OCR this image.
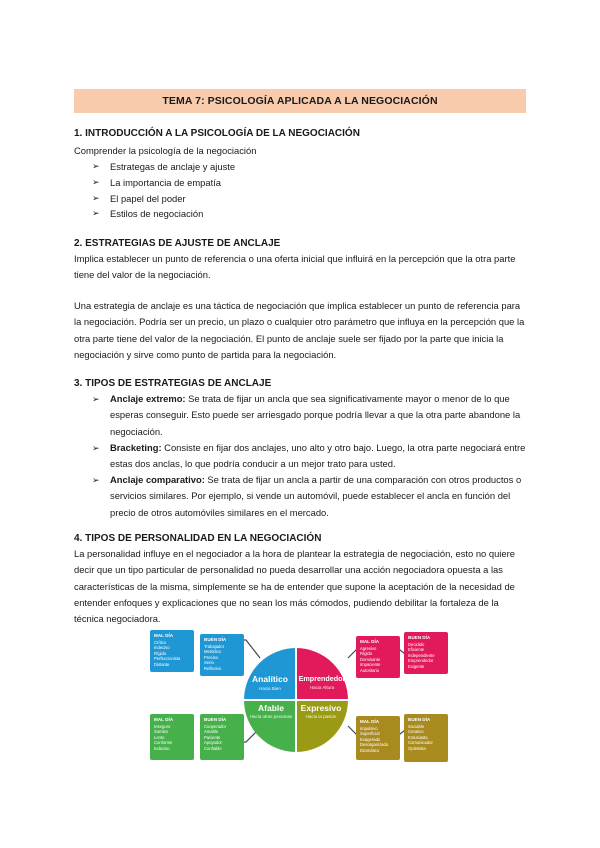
TEMA 7: PSICOLOGÍA APLICADA A LA NEGOCIACIÓN
1. INTRODUCCIÓN A LA PSICOLOGÍA DE LA NEGOCIACIÓN
Comprender la psicología de la negociación
➢	Estrategas de anclaje y ajuste
➢	La importancia de empatía
➢	El papel del poder
➢	Estilos de negociación
2. ESTRATEGIAS DE AJUSTE DE ANCLAJE
Implica establecer un punto de referencia o una oferta inicial que influirá en la percepción que la otra parte tiene del valor de la negociación.
Una estrategia de anclaje es una táctica de negociación que implica establecer un punto de referencia para la negociación. Podría ser un precio, un plazo o cualquier otro parámetro que influya en la percepción que la otra parte tiene del valor de la negociación. El punto de anclaje suele ser fijado por la parte que inicia la negociación y sirve como punto de partida para la negociación.
3. TIPOS DE ESTRATEGIAS DE ANCLAJE
➢	Anclaje extremo: Se trata de fijar un ancla que sea significativamente mayor o menor de lo que esperas conseguir. Esto puede ser arriesgado porque podría llevar a que la otra parte abandone la negociación.
➢	Bracketing: Consiste en fijar dos anclajes, uno alto y otro bajo. Luego, la otra parte negociará entre estas dos anclas, lo que podría conducir a un mejor trato para usted.
➢	Anclaje comparativo: Se trata de fijar un ancla a partir de una comparación con otros productos o servicios similares. Por ejemplo, si vende un automóvil, puede establecer el ancla en función del precio de otros automóviles similares en el mercado.
4. TIPOS DE PERSONALIDAD EN LA NEGOCIACIÓN
La personalidad influye en el negociador a la hora de plantear la estrategia de negociación, esto no quiere decir que un tipo particular de personalidad no pueda desarrollar una acción negociadora opuesta a las características de la misma, simplemente se ha de entender que supone la aceptación de la necesidad de entender enfoques y explicaciones que no sean los más cómodos, pudiendo debilitar la fortaleza de la técnica negociadora.
Analítico
Hacia Bien
Emprendedor
Hacia Altura
Afable
Hacia otras personas
Expresivo
Hacia la pasión
MAL DÍA
Crítico
Indeciso
Rígido
Perfeccionista
Distante
BUEN DÍA
Trabajador
Metódico
Preciso
Serio
Reflexivo
MAL DÍA
Agresivo
Rígido
Dominante
Impaciente
Autoritario
BUEN DÍA
Decidido
Eficiente
Independiente
Emprendedor
Exigente
MAL DÍA
Inseguro
Sumiso
Lento
Conforme
Indeciso
BUEN DÍA
Cooperador
Amable
Paciente
Apoyador
Confiable
MAL DÍA
Impulsivo
Superficial
Exagerado
Desorganizado
Dramático
BUEN DÍA
Sociable
Creativo
Entusiasta
Comunicador
Optimista
